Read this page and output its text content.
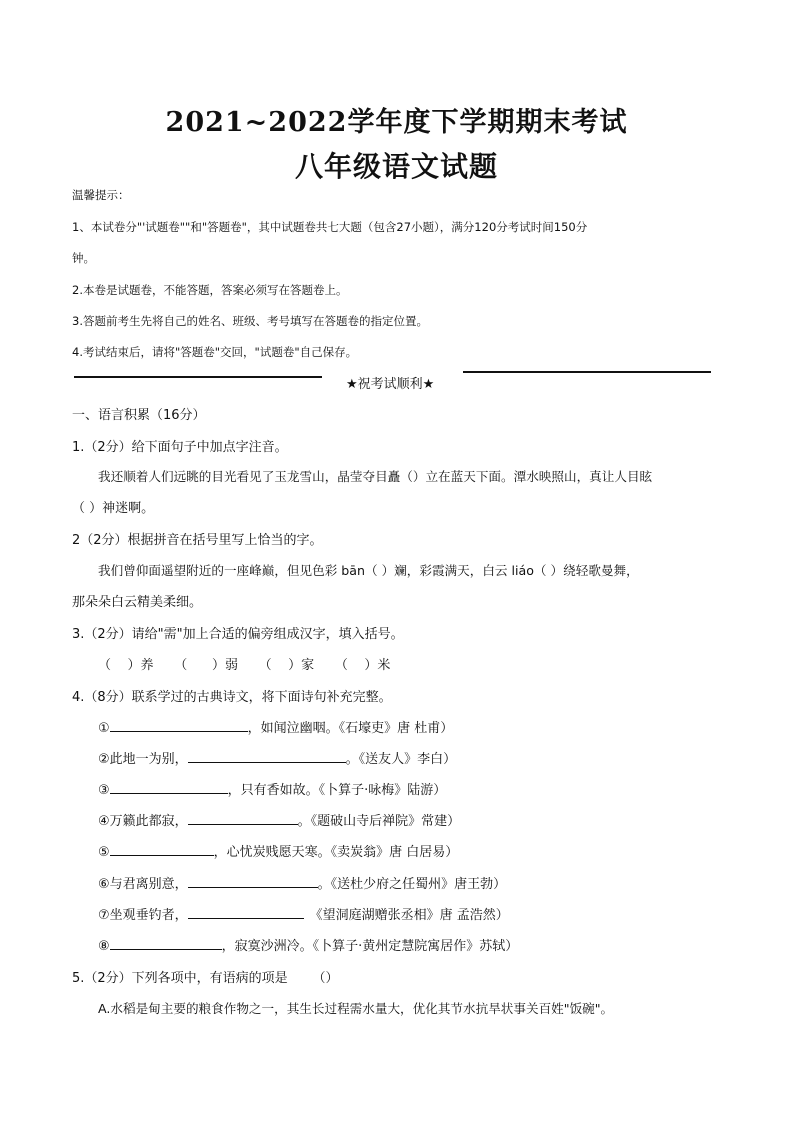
2021~2022学年度下学期期末考试
八年级语文试题
温馨提示：
1、本试卷分"'试题卷""和"答题卷"，其中试题卷共七大题（包含27小题），满分120分考试时间150分
钟。
2.本卷是试题卷，不能答题，答案必须写在答题卷上。
3.答题前考生先将自己的姓名、班级、考号填写在答题卷的指定位置。
4.考试结束后，请将"答题卷"交回，"试题卷"自己保存。
★祝考试顺利★
一、语言积累（16分）
1.（2分）给下面句子中加点字注音。
我还顺着人们远眺的目光看见了玉龙雪山，晶莹夺目矗（）立在蓝天下面。潭水映照山，真让人目眩
（ ）神迷啊。
2（2分）根据拼音在括号里写上恰当的字。
我们曾仰面遥望附近的一座峰巅，但见色彩 bān（ ）斓，彩霞满天，白云 liáo（ ）绕轻歌曼舞，
那朵朵白云精美柔细。
3.（2分）请给"需"加上合适的偏旁组成汉字，填入括号。
（    ）养     （      ）弱     （    ）家     （    ）米
4.（8分）联系学过的古典诗文，将下面诗句补充完整。
①	，如闻泣幽咽。《石壕吏》唐 杜甫）
②此地一为别，	。《送友人》李白）
③	，只有香如故。《卜算子·咏梅》陆游）
④万籁此都寂，	。《题破山寺后禅院》常建）
⑤	，心忧炭贱愿天寒。《卖炭翁》唐 白居易）
⑥与君离别意，	。《送杜少府之任蜀州》唐王勃）
⑦坐观垂钓者，	《望洞庭湖赠张丞相》唐 孟浩然）
⑧	，寂寞沙洲冷。《卜算子·黄州定慧院寓居作》苏轼）
5.（2分）下列各项中，有语病的项是      （）
A.水稻是甸主要的粮食作物之一，其生长过程需水量大，优化其节水抗旱状事关百姓"饭碗"。
